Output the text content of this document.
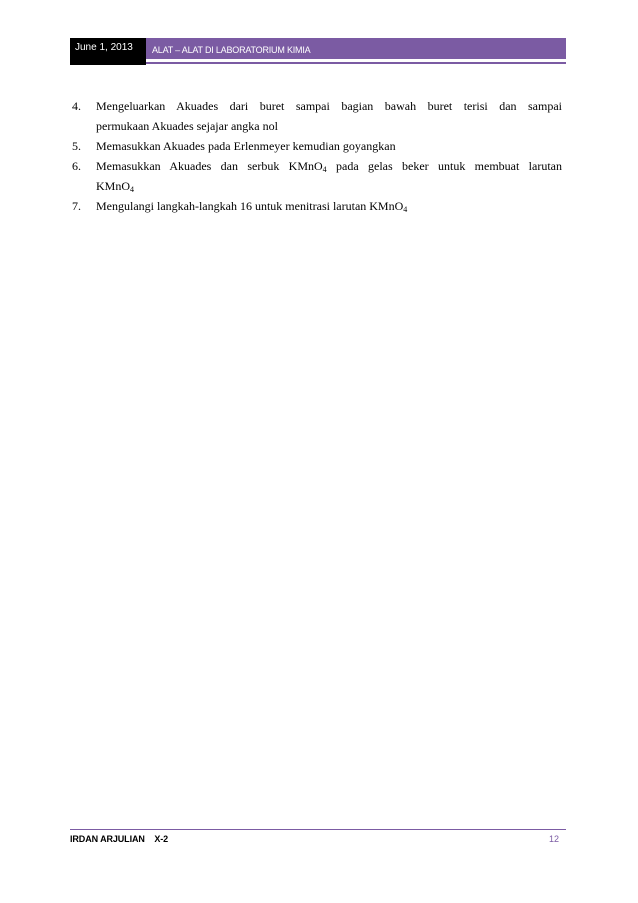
June 1, 2013	ALAT – ALAT DI LABORATORIUM KIMIA
4.	Mengeluarkan Akuades dari buret sampai bagian bawah buret terisi dan sampai
permukaan Akuades sejajar angka nol
5.	Memasukkan Akuades pada Erlenmeyer kemudian goyangkan
6.	Memasukkan Akuades dan serbuk KMnO$_4$ pada gelas beker untuk membuat larutan
KMnO$_4$
7.	Mengulangi langkah-langkah 16 untuk menitrasi larutan KMnO$_4$
IRDAN ARJULIAN    X-2	12
